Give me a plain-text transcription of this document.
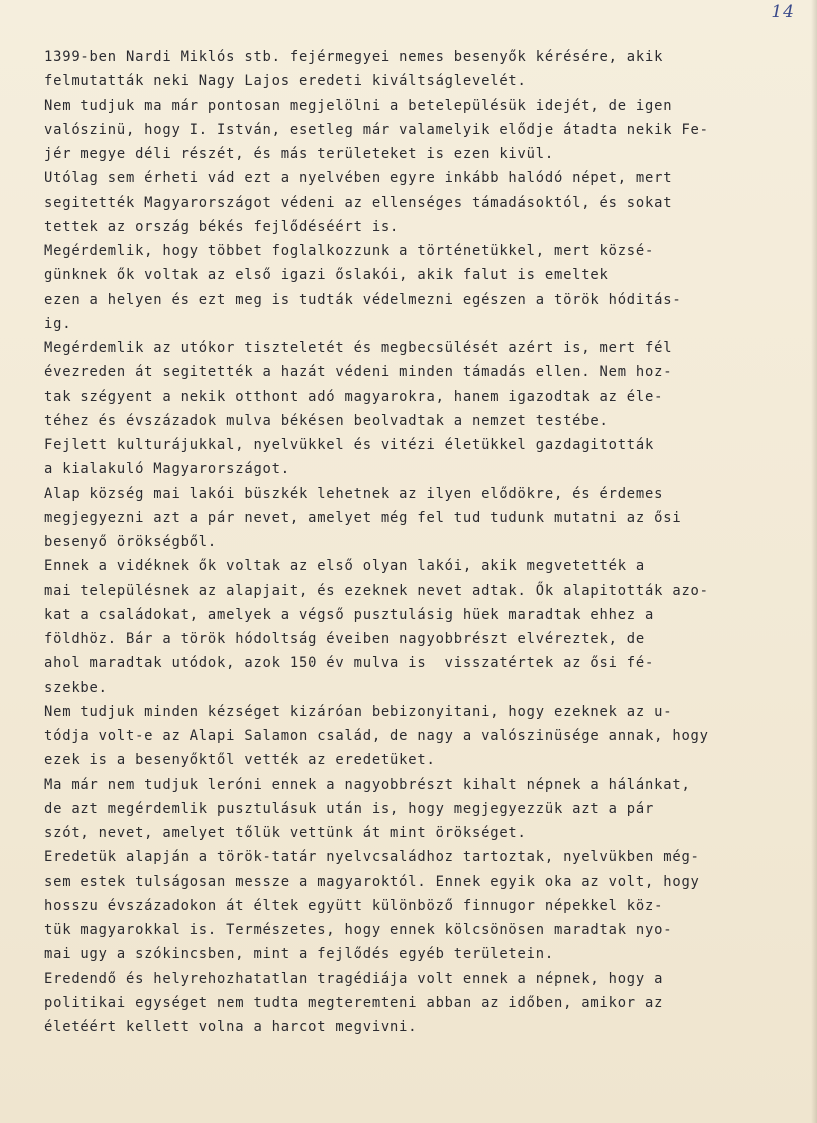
14
1399-ben Nardi Miklós stb. fejérmegyei nemes besenyők kérésére, akik
felmutatták neki Nagy Lajos eredeti kiváltságlevelét.
Nem tudjuk ma már pontosan megjelölni a betelepülésük idejét, de igen
valószinü, hogy I. István, esetleg már valamelyik elődje átadta nekik Fe-
jér megye déli részét, és más területeket is ezen kivül.
Utólag sem érheti vád ezt a nyelvében egyre inkább halódó népet, mert
segitették Magyarországot védeni az ellenséges támadásoktól, és sokat
tettek az ország békés fejlődéséért is.
Megérdemlik, hogy többet foglalkozzunk a történetükkel, mert közsé-
günknek ők voltak az első igazi őslakói, akik falut is emeltek
ezen a helyen és ezt meg is tudták védelmezni egészen a török hóditás-
ig.
Megérdemlik az utókor tiszteletét és megbecsülését azért is, mert fél
évezreden át segitették a hazát védeni minden támadás ellen. Nem hoz-
tak szégyent a nekik otthont adó magyarokra, hanem igazodtak az éle-
téhez és évszázadok mulva békésen beolvadtak a nemzet testébe.
Fejlett kulturájukkal, nyelvükkel és vitézi életükkel gazdagitották
a kialakuló Magyarországot.
Alap község mai lakói büszkék lehetnek az ilyen elődökre, és érdemes
megjegyezni azt a pár nevet, amelyet még fel tud tudunk mutatni az ősi
besenyő örökségből.
Ennek a vidéknek ők voltak az első olyan lakói, akik megvetették a
mai településnek az alapjait, és ezeknek nevet adtak. Ők alapitották azo-
kat a családokat, amelyek a végső pusztulásig hüek maradtak ehhez a
földhöz. Bár a török hódoltság éveiben nagyobbrészt elvéreztek, de
ahol maradtak utódok, azok 150 év mulva is  visszatértek az ősi fé-
szekbe.
Nem tudjuk minden kézséget kizáróan bebizonyitani, hogy ezeknek az u-
tódja volt-e az Alapi Salamon család, de nagy a valószinüsége annak, hogy
ezek is a besenyőktől vették az eredetüket.
Ma már nem tudjuk leróni ennek a nagyobbrészt kihalt népnek a hálánkat,
de azt megérdemlik pusztulásuk után is, hogy megjegyezzük azt a pár
szót, nevet, amelyet tőlük vettünk át mint örökséget.
Eredetük alapján a török-tatár nyelvcsaládhoz tartoztak, nyelvükben még-
sem estek tulságosan messze a magyaroktól. Ennek egyik oka az volt, hogy
hosszu évszázadokon át éltek együtt különböző finnugor népekkel köz-
tük magyarokkal is. Természetes, hogy ennek kölcsönösen maradtak nyo-
mai ugy a szókincsben, mint a fejlődés egyéb területein.
Eredendő és helyrehozhatatlan tragédiája volt ennek a népnek, hogy a
politikai egységet nem tudta megteremteni abban az időben, amikor az
életéért kellett volna a harcot megvivni.
